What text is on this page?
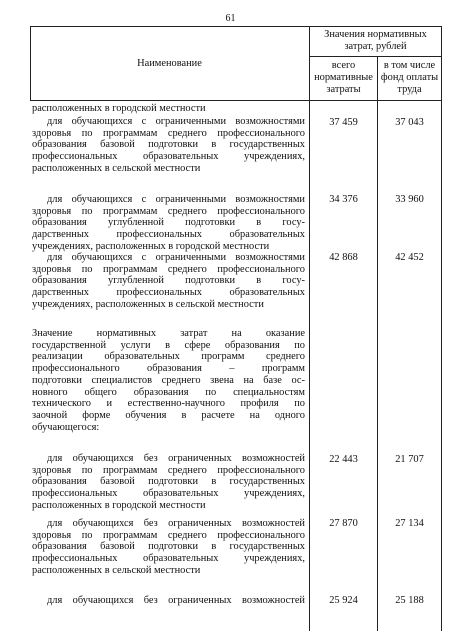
61
Наименование
Значения нормативных
затрат, рублей
всего
нормативные
затраты
в том числе
фонд оплаты
труда
расположенных в городской местности
для обучающихся с ограниченными возможностями
здоровья по программам среднего профессионального
образования базовой подготовки в государственных
профессиональных образовательных учреждениях,
расположенных в сельской местности
37 459	37 043
для обучающихся с ограниченными возможностями
здоровья по программам среднего профессионального
образования углубленной подготовки в госу-
дарственных профессиональных образовательных
учреждениях, расположенных в городской местности
34 376	33 960
для обучающихся с ограниченными возможностями
здоровья по программам среднего профессионального
образования углубленной подготовки в госу-
дарственных профессиональных образовательных
учреждениях, расположенных в сельской местности
42 868	42 452
Значение нормативных затрат на оказание
государственной услуги в сфере образования по
реализации образовательных программ среднего
профессионального образования – программ
подготовки специалистов среднего звена на базе ос-
новного общего образования по специальностям
технического и естественно-научного профиля по
заочной форме обучения в расчете на одного
обучающегося:
для обучающихся без ограниченных возможностей
здоровья по программам среднего профессионального
образования базовой подготовки в государственных
профессиональных образовательных учреждениях,
расположенных в городской местности
22 443	21 707
для обучающихся без ограниченных возможностей
здоровья по программам среднего профессионального
образования базовой подготовки в государственных
профессиональных образовательных учреждениях,
расположенных в сельской местности
27 870	27 134
для обучающихся без ограниченных возможностей	25 924	25 188
